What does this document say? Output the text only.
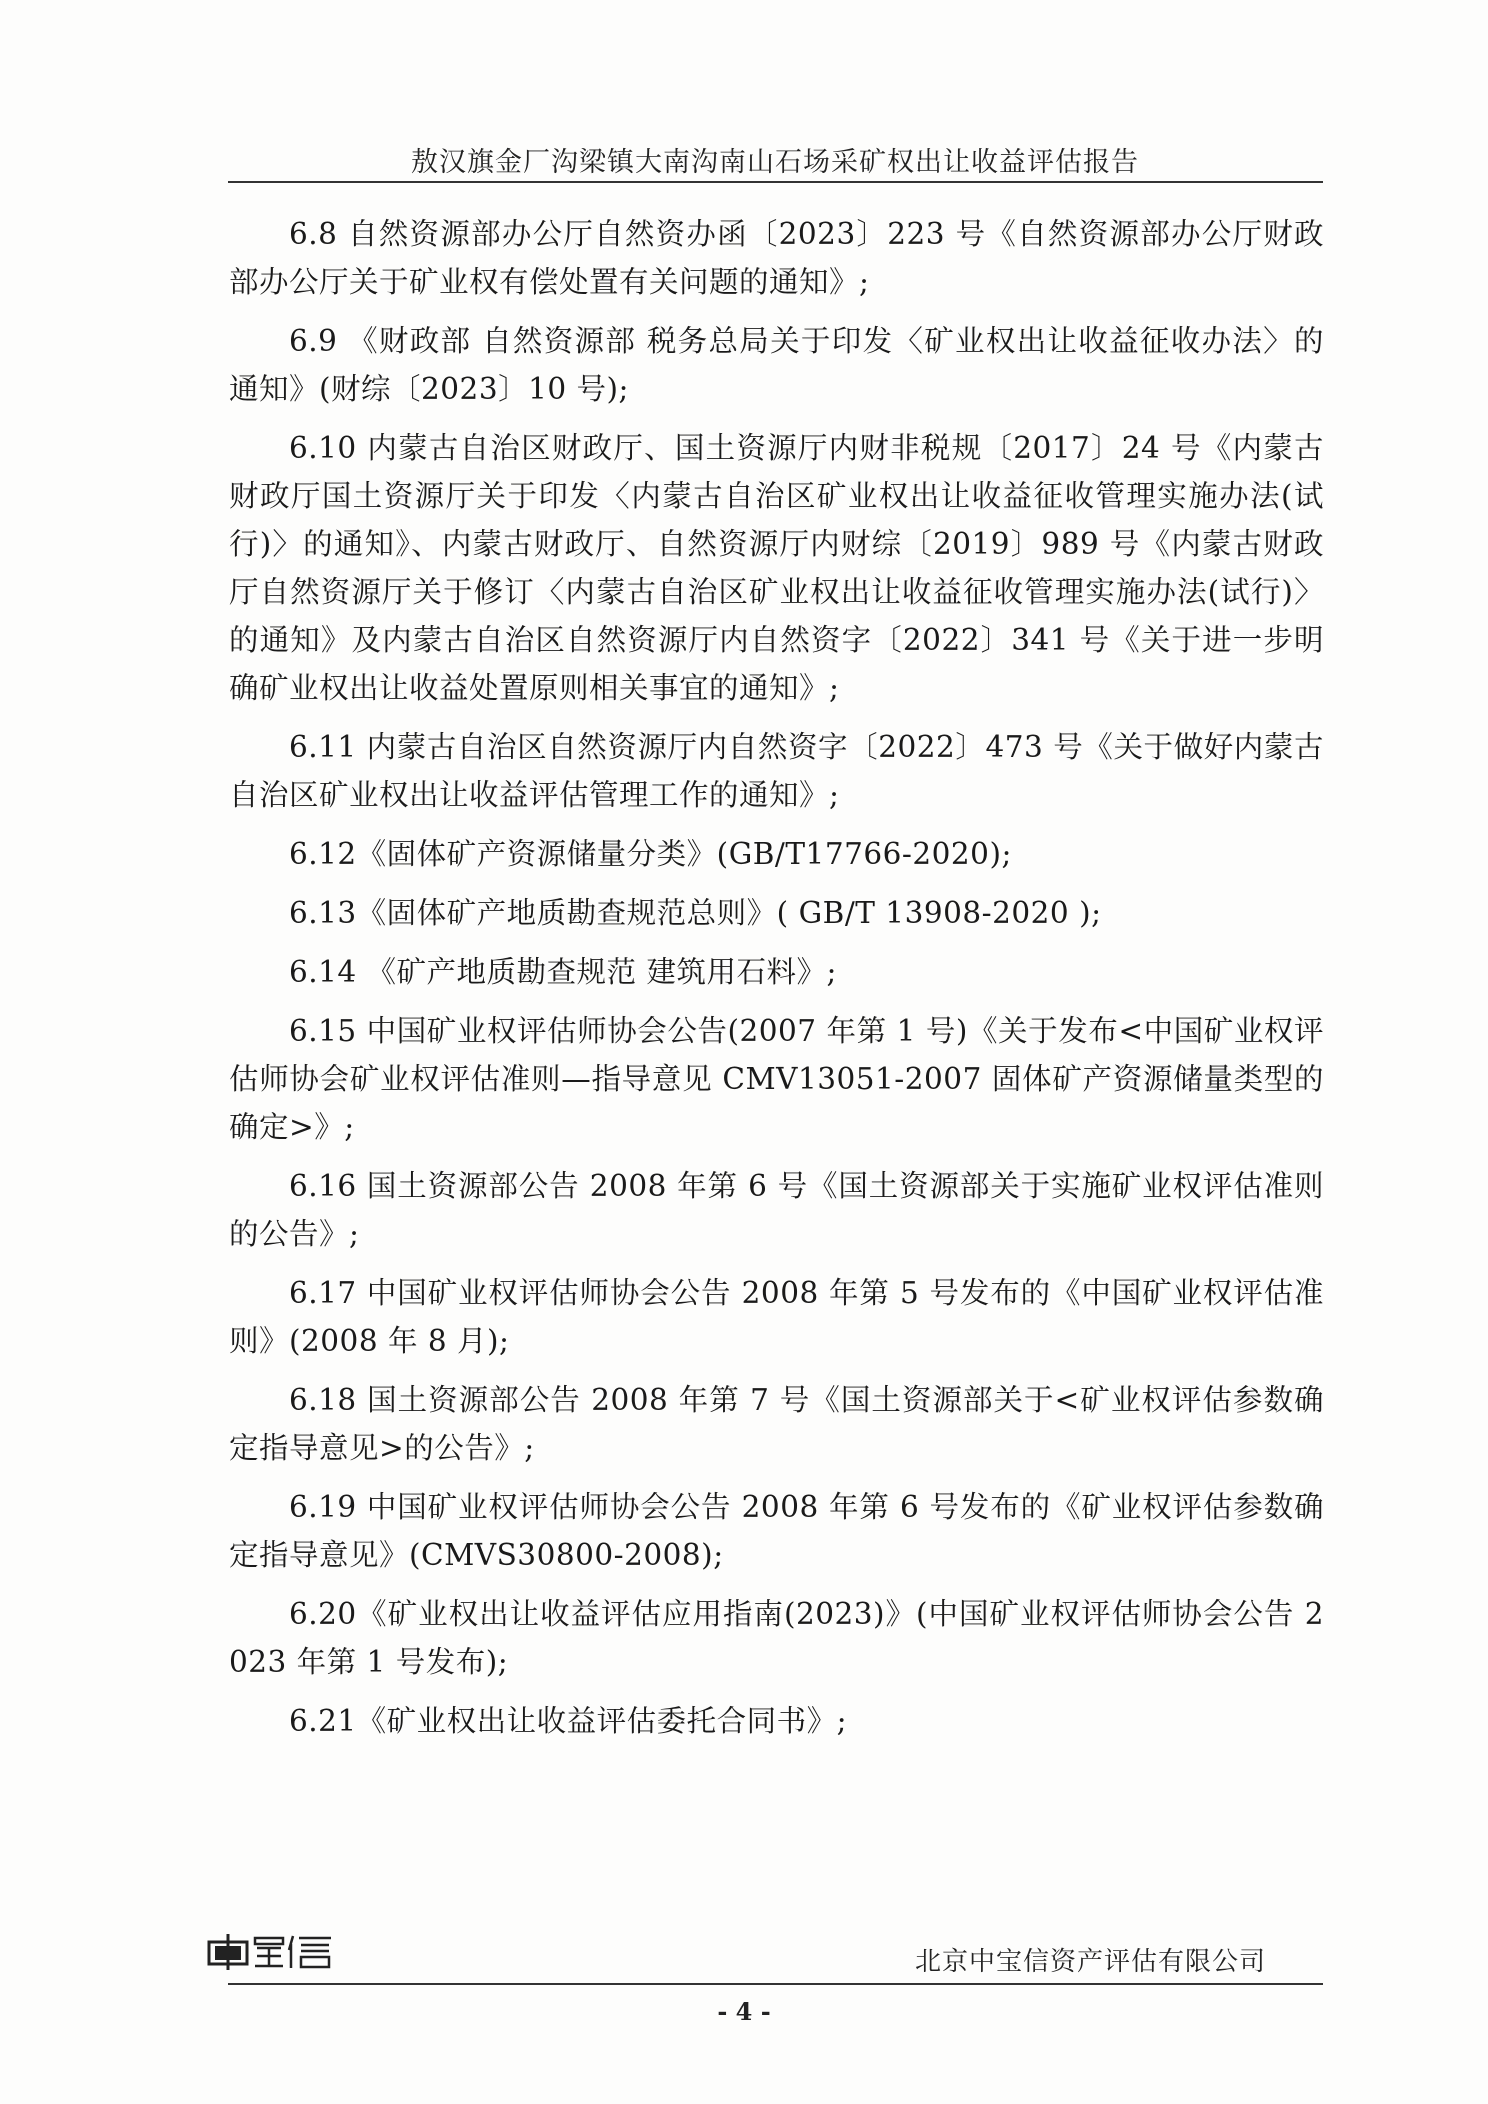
敖汉旗金厂沟梁镇大南沟南山石场采矿权出让收益评估报告

6.8 自然资源部办公厅自然资办函〔2023〕223 号《自然资源部办公厅财政部办公厅关于矿业权有偿处置有关问题的通知》;

6.9 《财政部 自然资源部 税务总局关于印发〈矿业权出让收益征收办法〉的通知》(财综〔2023〕10 号);

6.10 内蒙古自治区财政厅、国土资源厅内财非税规〔2017〕24 号《内蒙古财政厅国土资源厅关于印发〈内蒙古自治区矿业权出让收益征收管理实施办法(试行)〉的通知》、内蒙古财政厅、自然资源厅内财综〔2019〕989 号《内蒙古财政厅自然资源厅关于修订〈内蒙古自治区矿业权出让收益征收管理实施办法(试行)〉的通知》及内蒙古自治区自然资源厅内自然资字〔2022〕341 号《关于进一步明确矿业权出让收益处置原则相关事宜的通知》;

6.11 内蒙古自治区自然资源厅内自然资字〔2022〕473 号《关于做好内蒙古自治区矿业权出让收益评估管理工作的通知》;

6.12《固体矿产资源储量分类》(GB/T17766-2020);

6.13《固体矿产地质勘查规范总则》( GB/T 13908-2020 );

6.14 《矿产地质勘查规范 建筑用石料》;

6.15 中国矿业权评估师协会公告(2007 年第 1 号)《关于发布<中国矿业权评估师协会矿业权评估准则—指导意见 CMV13051-2007 固体矿产资源储量类型的确定>》;

6.16 国土资源部公告 2008 年第 6 号《国土资源部关于实施矿业权评估准则的公告》;

6.17 中国矿业权评估师协会公告 2008 年第 5 号发布的《中国矿业权评估准则》(2008 年 8 月);

6.18 国土资源部公告 2008 年第 7 号《国土资源部关于<矿业权评估参数确定指导意见>的公告》;

6.19 中国矿业权评估师协会公告 2008 年第 6 号发布的《矿业权评估参数确定指导意见》(CMVS30800-2008);

6.20《矿业权出让收益评估应用指南(2023)》(中国矿业权评估师协会公告 2023 年第 1 号发布);

6.21《矿业权出让收益评估委托合同书》;

北京中宝信资产评估有限公司
- 4 -
